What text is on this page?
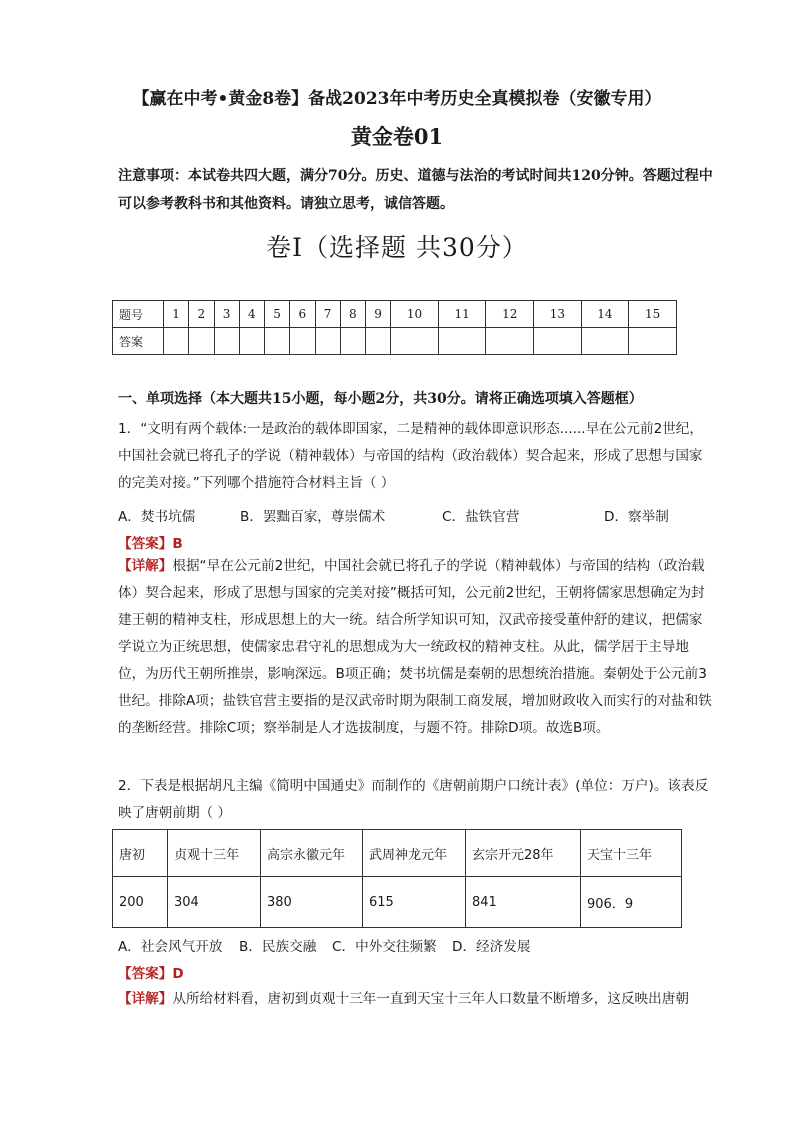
【赢在中考•黄金8卷】备战2023年中考历史全真模拟卷（安徽专用）
黄金卷01
注意事项：本试卷共四大题，满分70分。历史、道德与法治的考试时间共120分钟。答题过程中可以参考教科书和其他资料。请独立思考，诚信答题。
卷Ⅰ（选择题 共30分）
题号	1	2	3	4	5	6	7	8	9	10	11	12	13	14	15
答案															
一、单项选择（本大题共15小题，每小题2分，共30分。请将正确选项填入答题框）
1．“文明有两个载体:一是政治的载体即国家，二是精神的载体即意识形态......早在公元前2世纪，中国社会就已将孔子的学说（精神载体）与帝国的结构（政治载体）契合起来，形成了思想与国家的完美对接。”下列哪个措施符合材料主旨（ ）
A．焚书坑儒	B．罢黜百家，尊崇儒术	C．盐铁官营	D．察举制
【答案】B
【详解】根据“早在公元前2世纪，中国社会就已将孔子的学说（精神载体）与帝国的结构（政治载体）契合起来，形成了思想与国家的完美对接”概括可知，公元前2世纪，王朝将儒家思想确定为封建王朝的精神支柱，形成思想上的大一统。结合所学知识可知，汉武帝接受董仲舒的建议，把儒家学说立为正统思想，使儒家忠君守礼的思想成为大一统政权的精神支柱。从此，儒学居于主导地位，为历代王朝所推崇，影响深远。B项正确；焚书坑儒是秦朝的思想统治措施。秦朝处于公元前3世纪。排除A项；盐铁官营主要指的是汉武帝时期为限制工商发展，增加财政收入而实行的对盐和铁的垄断经营。排除C项；察举制是人才选拔制度，与题不符。排除D项。故选B项。
2．下表是根据胡凡主编《简明中国通史》而制作的《唐朝前期户口统计表》(单位：万户)。该表反映了唐朝前期（ ）
唐初	贞观十三年	高宗永徽元年	武周神龙元年	玄宗开元28年	天宝十三年
200	304	380	615	841	906．9
A．社会风气开放 B．民族交融 C．中外交往频繁 D．经济发展
【答案】D
【详解】从所给材料看，唐初到贞观十三年一直到天宝十三年人口数量不断增多，这反映出唐朝
